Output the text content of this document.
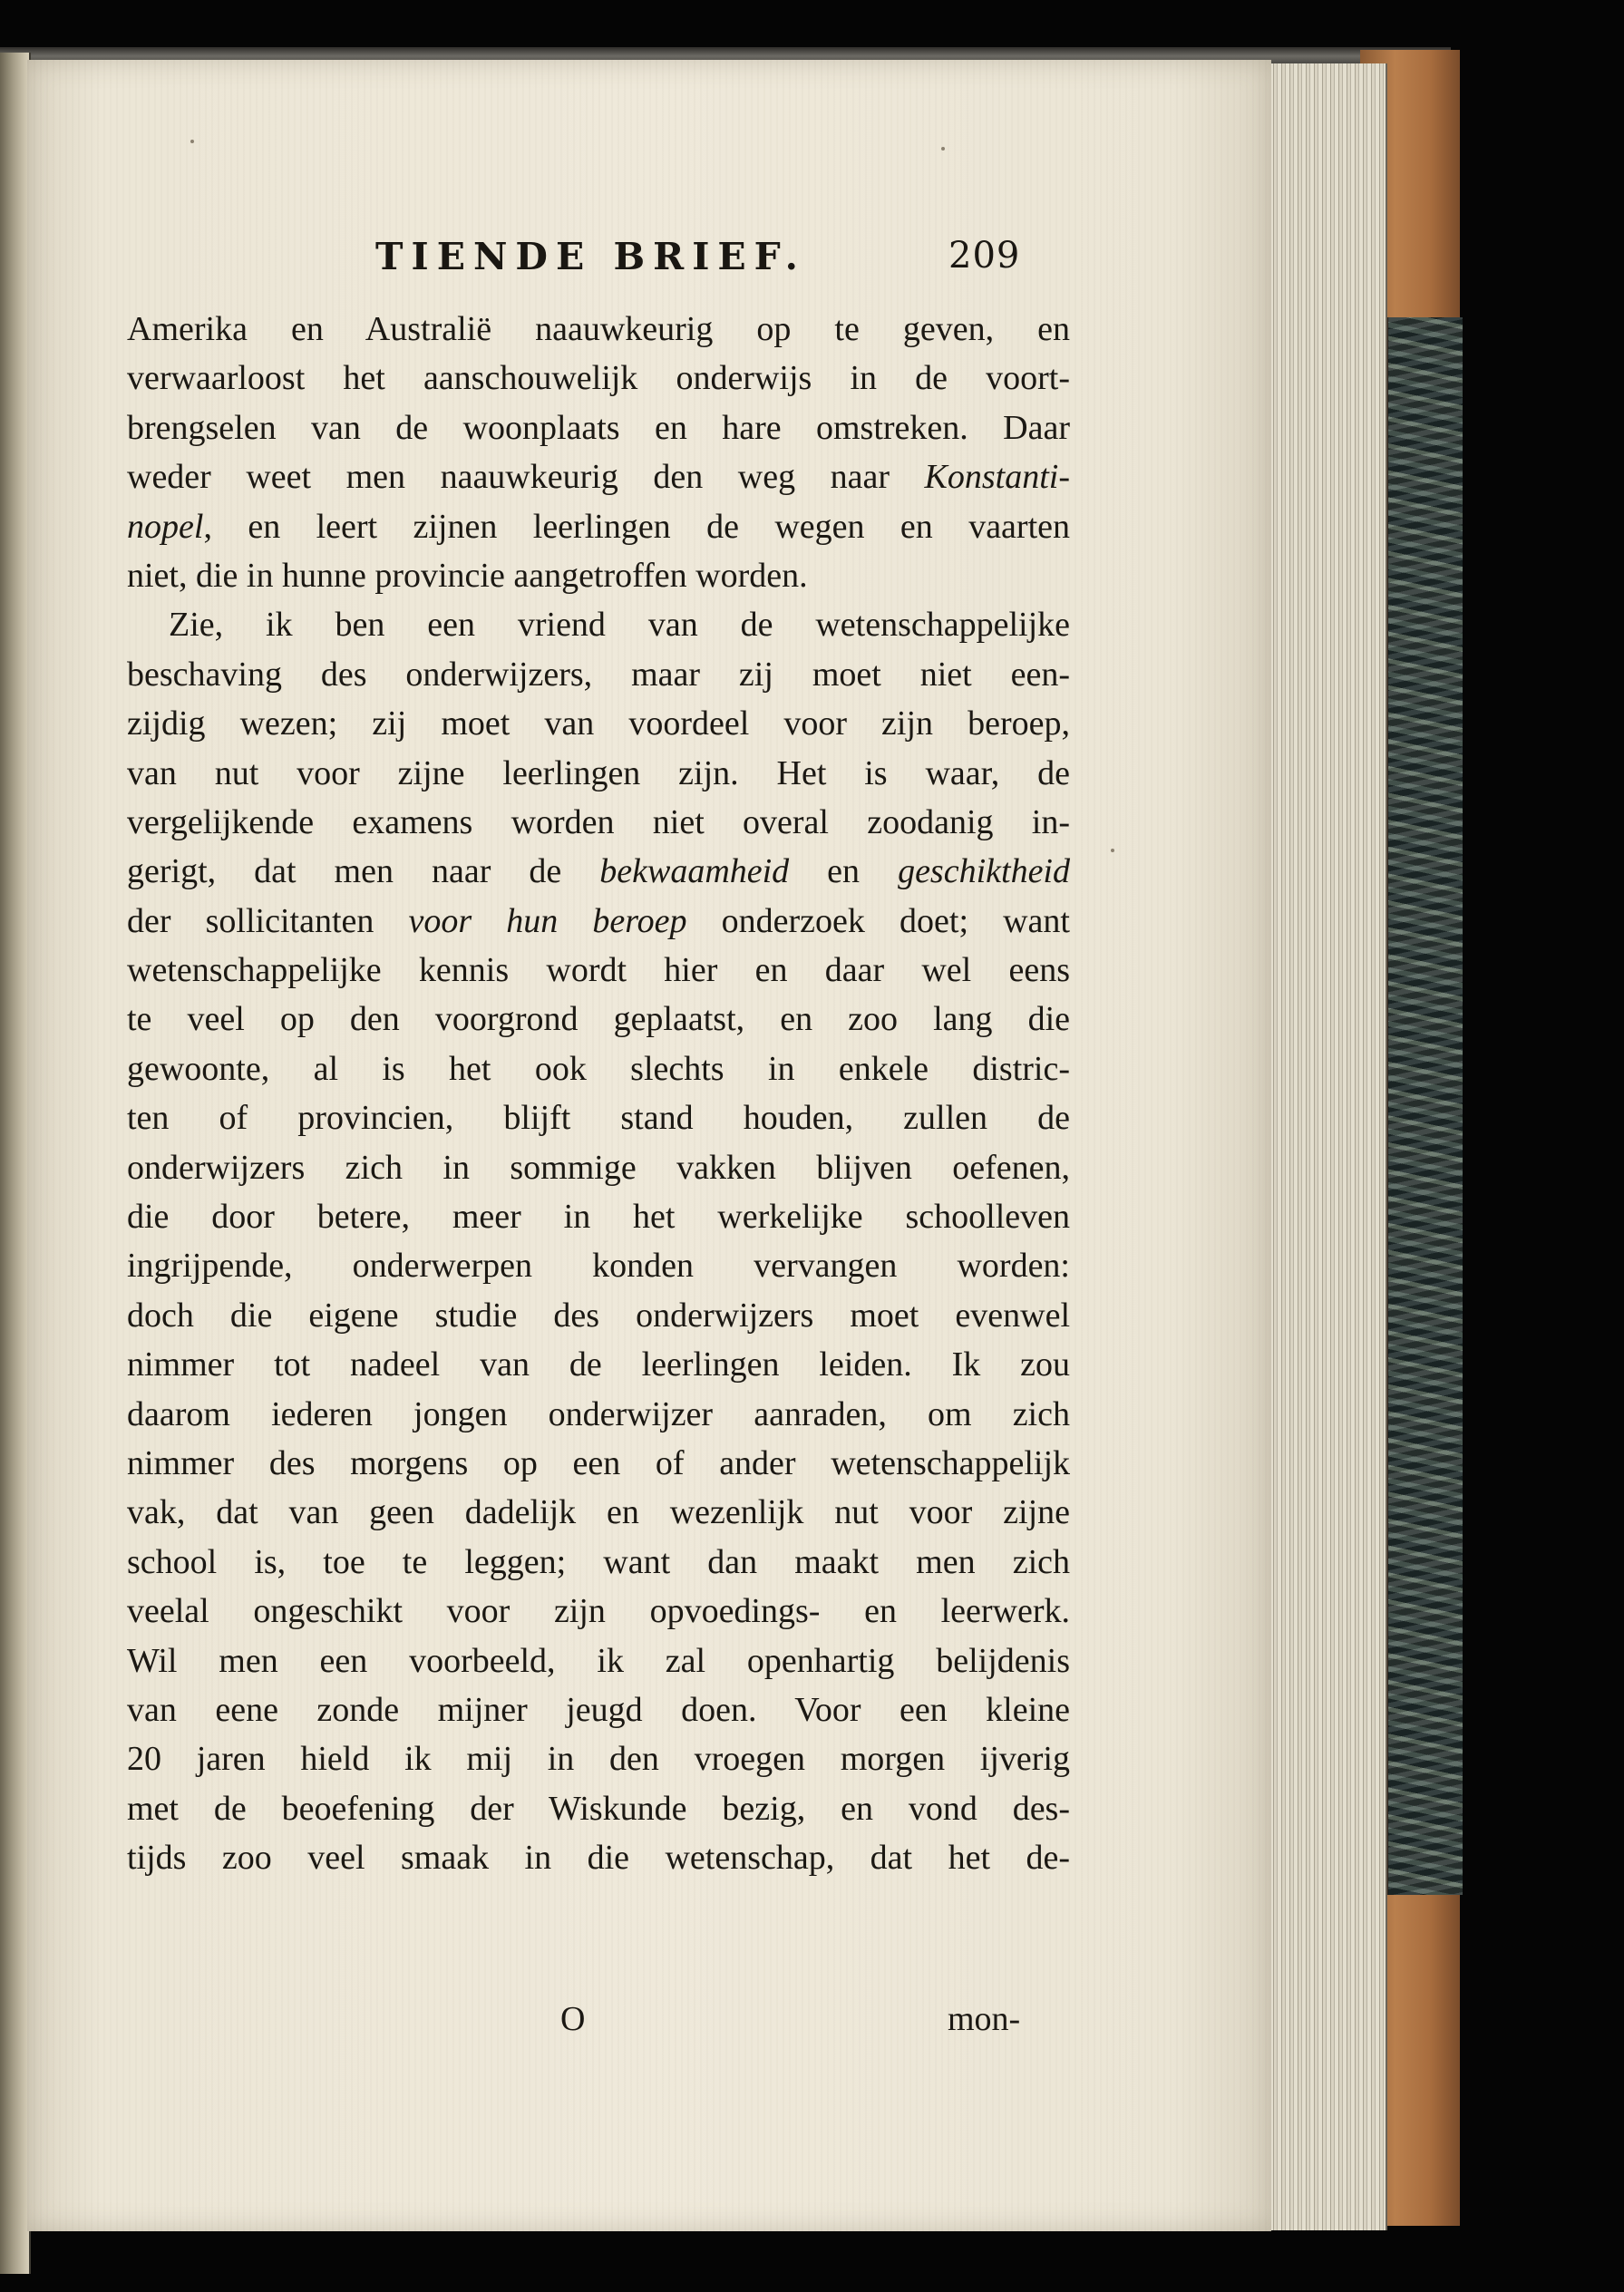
TIENDE BRIEF.	209
Amerika en Australië naauwkeurig op te geven, en
verwaarloost het aanschouwelijk onderwijs in de voort-
brengselen van de woonplaats en hare omstreken. Daar
weder weet men naauwkeurig den weg naar Konstanti-
nopel, en leert zijnen leerlingen de wegen en vaarten
niet, die in hunne provincie aangetroffen worden.
Zie, ik ben een vriend van de wetenschappelijke
beschaving des onderwijzers, maar zij moet niet een-
zijdig wezen; zij moet van voordeel voor zijn beroep,
van nut voor zijne leerlingen zijn. Het is waar, de
vergelijkende examens worden niet overal zoodanig in-
gerigt, dat men naar de bekwaamheid en geschiktheid
der sollicitanten voor hun beroep onderzoek doet; want
wetenschappelijke kennis wordt hier en daar wel eens
te veel op den voorgrond geplaatst, en zoo lang die
gewoonte, al is het ook slechts in enkele distric-
ten of provincien, blijft stand houden, zullen de
onderwijzers zich in sommige vakken blijven oefenen,
die door betere, meer in het werkelijke schoolleven
ingrijpende, onderwerpen konden vervangen worden:
doch die eigene studie des onderwijzers moet evenwel
nimmer tot nadeel van de leerlingen leiden. Ik zou
daarom iederen jongen onderwijzer aanraden, om zich
nimmer des morgens op een of ander wetenschappelijk
vak, dat van geen dadelijk en wezenlijk nut voor zijne
school is, toe te leggen; want dan maakt men zich
veelal ongeschikt voor zijn opvoedings- en leerwerk.
Wil men een voorbeeld, ik zal openhartig belijdenis
van eene zonde mijner jeugd doen. Voor een kleine
20 jaren hield ik mij in den vroegen morgen ijverig
met de beoefening der Wiskunde bezig, en vond des-
tijds zoo veel smaak in die wetenschap, dat het de-
O	mon-
